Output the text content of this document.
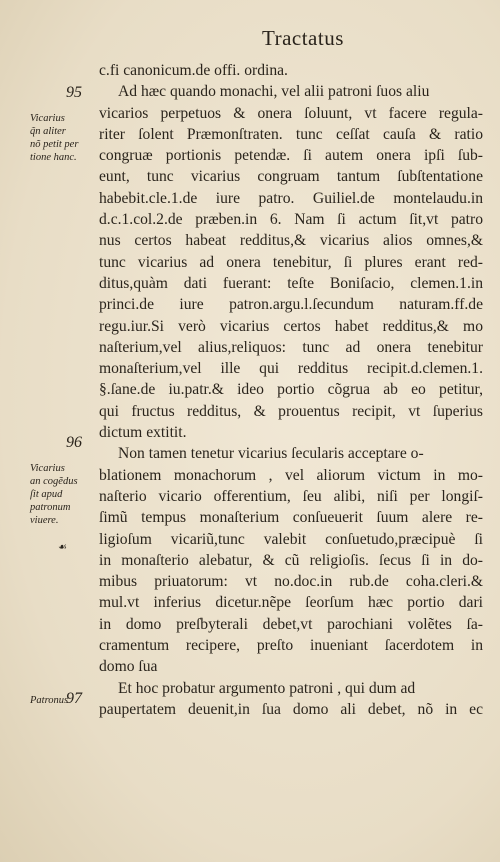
Tractatus
95
96
97
Vicarius
q̃n aliter
nõ petit per
tione hanc.
Vicarius
an cogẽdus
ſit apud
patronum
viuere.
Patronus
☙
c.fi canonicum.de offi. ordina.
Ad hæc quando monachi, vel alii patroni ſuos aliu
vicarios perpetuos & onera ſoluunt, vt facere regula-
riter ſolent Præmonſtraten. tunc ceſſat cauſa & ratio
congruæ portionis petendæ. ſi autem onera ipſi ſub-
eunt, tunc vicarius congruam tantum ſubſtentatione
habebit.cle.1.de iure patro. Guiliel.de montelaudu.in
d.c.1.col.2.de præben.in 6. Nam ſi actum ſit,vt patro
nus certos habeat redditus,& vicarius alios omnes,&
tunc vicarius ad onera tenebitur, ſi plures erant red-
ditus,quàm dati fuerant: teſte Boniſacio, clemen.1.in
princi.de iure patron.argu.l.ſecundum naturam.ff.de
regu.iur.Si verò vicarius certos habet redditus,& mo
naſterium,vel alius,reliquos: tunc ad onera tenebitur
monaſterium,vel ille qui redditus recipit.d.clemen.1.
§.ſane.de iu.patr.& ideo portio cõgrua ab eo petitur,
qui fructus redditus, & prouentus recipit, vt ſuperius
dictum extitit.
Non tamen tenetur vicarius ſecularis acceptare o-
blationem monachorum , vel aliorum victum in mo-
naſterio vicario offerentium, ſeu alibi, niſi per longiſ-
ſimũ tempus monaſterium conſueuerit ſuum alere re-
ligioſum vicariũ,tunc valebit conſuetudo,præcipuè ſi
in monaſterio alebatur, & cũ religioſis. ſecus ſi in do-
mibus priuatorum: vt no.doc.in rub.de coha.cleri.&
mul.vt inferius dicetur.nẽpe ſeorſum hæc portio dari
in domo preſbyterali debet,vt parochiani volẽtes ſa-
cramentum recipere, preſto inueniant ſacerdotem in
domo ſua
Et hoc probatur argumento patroni , qui dum ad
paupertatem deuenit,in ſua domo ali debet, nõ in ec
